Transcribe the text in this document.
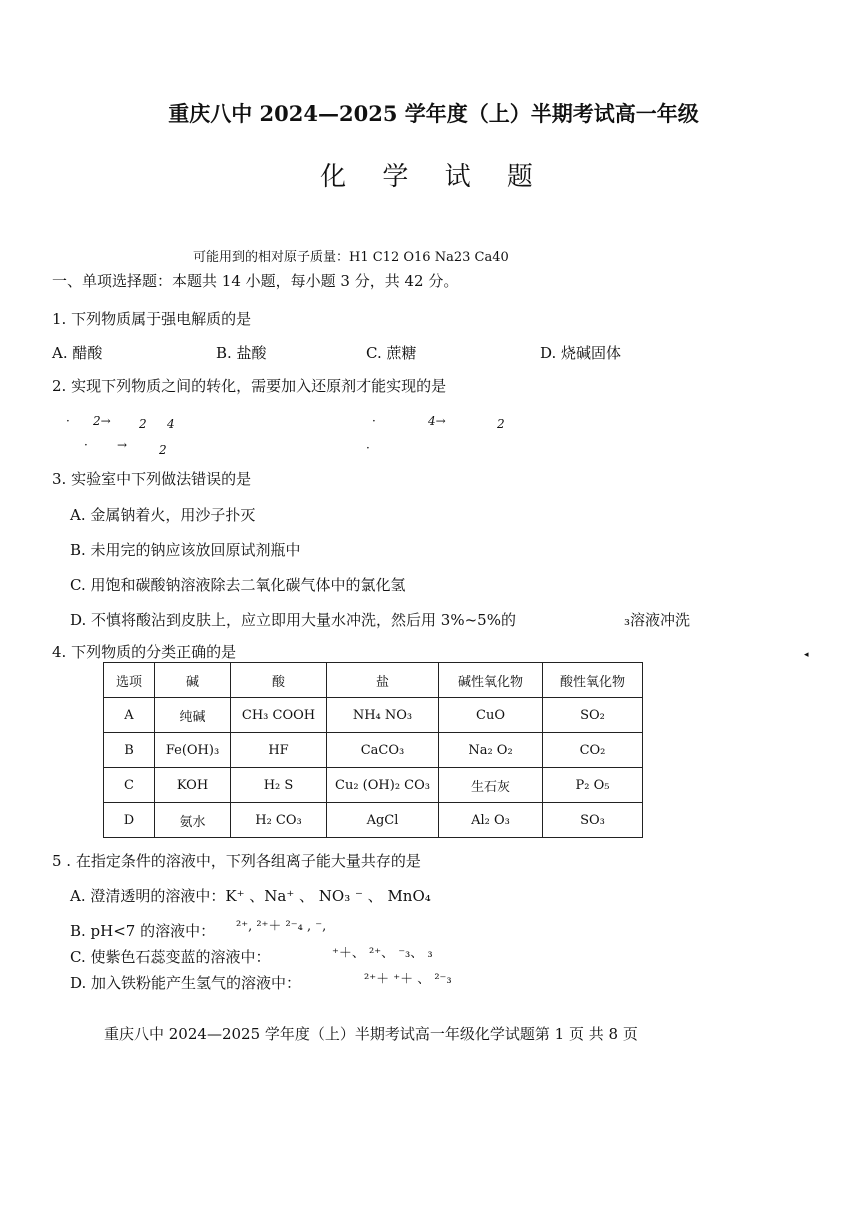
重庆八中 2024—2025 学年度（上）半期考试高一年级
化 学 试 题
可能用到的相对原子质量：H1 C12 O16 Na23 Ca40
一、单项选择题：本题共 14 小题，每小题 3 分，共 42 分。
1. 下列物质属于强电解质的是
A. 醋酸	B. 盐酸	C. 蔗糖	D. 烧碱固体
2. 实现下列物质之间的转化，需要加入还原剂才能实现的是
· 2→ 2 4	·	4→	2
· →	2	·
3. 实验室中下列做法错误的是
A. 金属钠着火，用沙子扑灭
B. 未用完的钠应该放回原试剂瓶中
C. 用饱和碳酸钠溶液除去二氧化碳气体中的氯化氢
D. 不慎将酸沾到皮肤上，应立即用大量水冲洗，然后用 3%~5%的	₃溶液冲洗
4. 下列物质的分类正确的是	◂
选项	碱	酸	盐	碱性氧化物	酸性氧化物
A	纯碱	CH₃ COOH	NH₄ NO₃	CuO	SO₂
B	Fe(OH)₃	HF	CaCO₃	Na₂ O₂	CO₂
C	KOH	H₂ S	Cu₂ (OH)₂ CO₃	生石灰	P₂ O₅
D	氨水	H₂ CO₃	AgCl	Al₂ O₃	SO₃
5 . 在指定条件的溶液中，下列各组离子能大量共存的是
A. 澄清透明的溶液中：K⁺ 、Na⁺ 、 NO₃ ⁻ 、 MnO₄
B. pH<7 的溶液中： ²⁺, ²⁺＋ ²⁻₄ , ⁻,
C. 使紫色石蕊变蓝的溶液中：	⁺＋、 ²⁺、 ⁻₃、 ₃
D. 加入铁粉能产生氢气的溶液中：	²⁺＋ ⁺＋ 、 ²⁻₃
重庆八中 2024—2025 学年度（上）半期考试高一年级化学试题第 1 页 共 8 页
